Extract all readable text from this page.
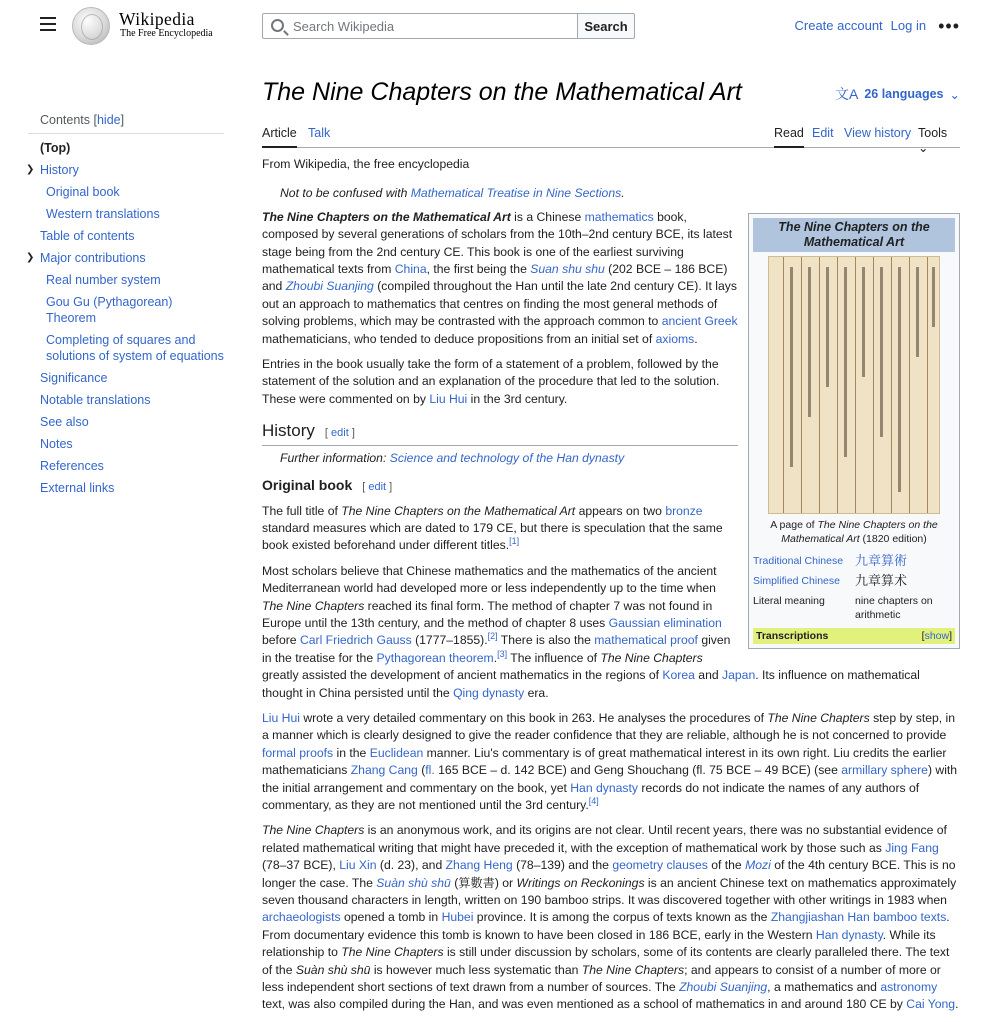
Wikipedia
The Free Encyclopedia
Search Wikipedia	Search	Create account Log in •••
Contents [hide]
(Top)
❯ History
Original book
Western translations
Table of contents
❯ Major contributions
Real number system
Gou Gu (Pythagorean) Theorem
Completing of squares and solutions of system of equations
Significance
Notable translations
See also
Notes
References
External links
The Nine Chapters on the Mathematical Art	文A 26 languages ⌄
Article Talk	Read Edit View history Tools ⌄
From Wikipedia, the free encyclopedia
Not to be confused with Mathematical Treatise in Nine Sections.
The Nine Chapters on the Mathematical Art
A page of The Nine Chapters on the Mathematical Art (1820 edition)
Traditional Chinese 九章算術
Simplified Chinese	九章算术
Literal meaning	nine chapters on arithmetic
Transcriptions	[show]

The Nine Chapters on the Mathematical Art is a Chinese mathematics book, composed by several generations of scholars from the 10th–2nd century BCE, its latest stage being from the 2nd century CE. This book is one of the earliest surviving mathematical texts from China, the first being the Suan shu shu (202 BCE – 186 BCE) and Zhoubi Suanjing (compiled throughout the Han until the late 2nd century CE). It lays out an approach to mathematics that centres on finding the most general methods of solving problems, which may be contrasted with the approach common to ancient Greek mathematicians, who tended to deduce propositions from an initial set of axioms.

Entries in the book usually take the form of a statement of a problem, followed by the statement of the solution and an explanation of the procedure that led to the solution. These were commented on by Liu Hui in the 3rd century.

History [ edit ]
Further information: Science and technology of the Han dynasty
Original book [ edit ]

The full title of The Nine Chapters on the Mathematical Art appears on two bronze standard measures which are dated to 179 CE, but there is speculation that the same book existed beforehand under different titles.[1]

Most scholars believe that Chinese mathematics and the mathematics of the ancient Mediterranean world had developed more or less independently up to the time when The Nine Chapters reached its final form. The method of chapter 7 was not found in Europe until the 13th century, and the method of chapter 8 uses Gaussian elimination before Carl Friedrich Gauss (1777–1855).[2] There is also the mathematical proof given in the treatise for the Pythagorean theorem.[3] The influence of The Nine Chapters greatly assisted the development of ancient mathematics in the regions of Korea and Japan. Its influence on mathematical thought in China persisted until the Qing dynasty era.

Liu Hui wrote a very detailed commentary on this book in 263. He analyses the procedures of The Nine Chapters step by step, in a manner which is clearly designed to give the reader confidence that they are reliable, although he is not concerned to provide formal proofs in the Euclidean manner. Liu's commentary is of great mathematical interest in its own right. Liu credits the earlier mathematicians Zhang Cang (fl. 165 BCE – d. 142 BCE) and Geng Shouchang (fl. 75 BCE – 49 BCE) (see armillary sphere) with the initial arrangement and commentary on the book, yet Han dynasty records do not indicate the names of any authors of commentary, as they are not mentioned until the 3rd century.[4]

The Nine Chapters is an anonymous work, and its origins are not clear. Until recent years, there was no substantial evidence of related mathematical writing that might have preceded it, with the exception of mathematical work by those such as Jing Fang (78–37 BCE), Liu Xin (d. 23), and Zhang Heng (78–139) and the geometry clauses of the Mozi of the 4th century BCE. This is no longer the case. The Suàn shù shū (算數書) or Writings on Reckonings is an ancient Chinese text on mathematics approximately seven thousand characters in length, written on 190 bamboo strips. It was discovered together with other writings in 1983 when archaeologists opened a tomb in Hubei province. It is among the corpus of texts known as the Zhangjiashan Han bamboo texts. From documentary evidence this tomb is known to have been closed in 186 BCE, early in the Western Han dynasty. While its relationship to The Nine Chapters is still under discussion by scholars, some of its contents are clearly paralleled there. The text of the Suàn shù shū is however much less systematic than The Nine Chapters; and appears to consist of a number of more or less independent short sections of text drawn from a number of sources. The Zhoubi Suanjing, a mathematics and astronomy text, was also compiled during the Han, and was even mentioned as a school of mathematics in and around 180 CE by Cai Yong.
